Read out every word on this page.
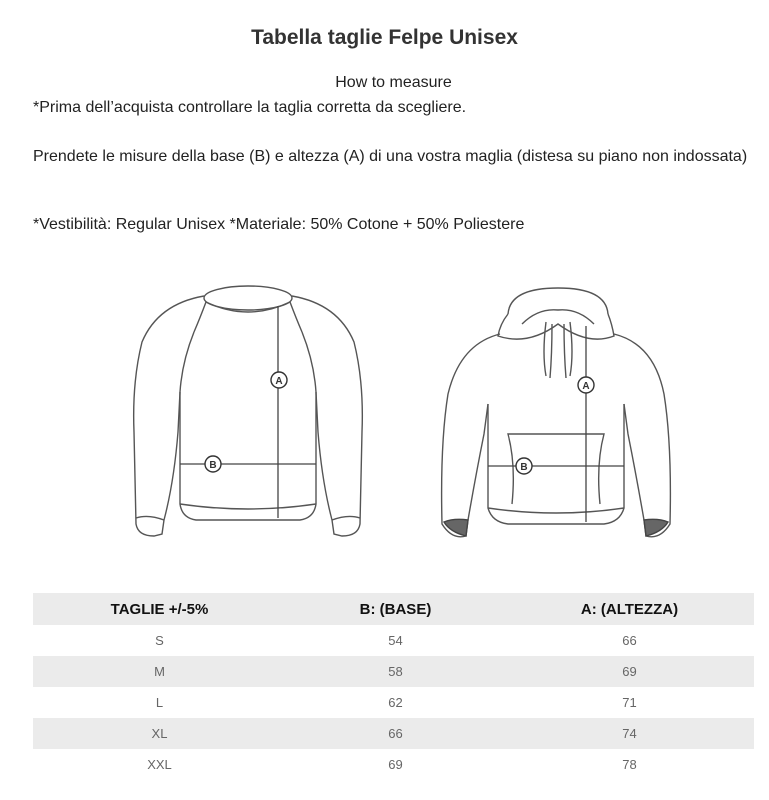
Tabella taglie Felpe Unisex
How to measure
*Prima dell’acquista controllare la taglia corretta da scegliere.
Prendete le misure della base (B) e altezza (A) di una vostra maglia (distesa su piano non indossata)
*Vestibilità: Regular Unisex *Materiale: 50% Cotone + 50% Poliestere
A
B
A
B
TAGLIE +/-5%	B: (BASE)	A: (ALTEZZA)
S	54	66
M	58	69
L	62	71
XL	66	74
XXL	69	78
